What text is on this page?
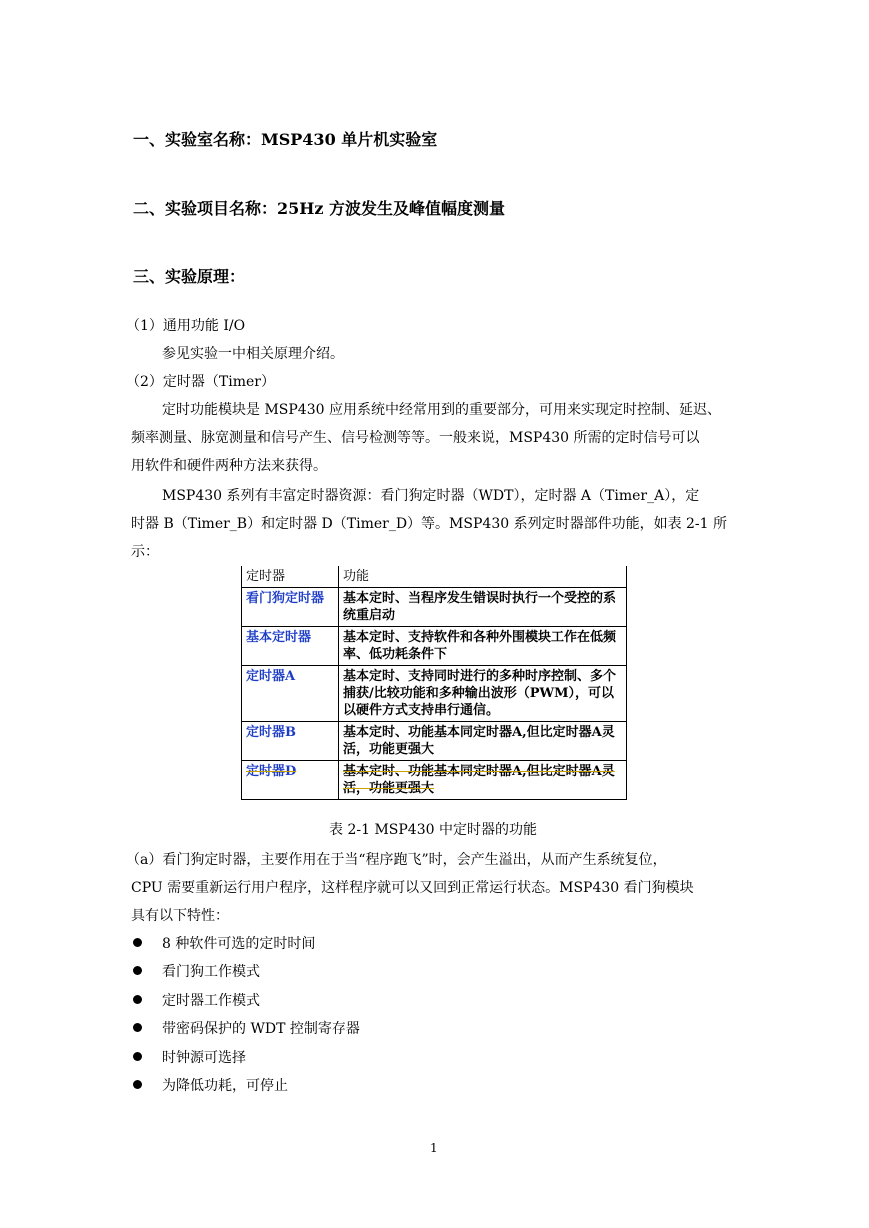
一、实验室名称：MSP430 单片机实验室
二、实验项目名称：25Hz 方波发生及峰值幅度测量
三、实验原理：
（1）通用功能 I/O
参见实验一中相关原理介绍。
（2）定时器（Timer）
定时功能模块是 MSP430 应用系统中经常用到的重要部分，可用来实现定时控制、延迟、
频率测量、脉宽测量和信号产生、信号检测等等。一般来说，MSP430 所需的定时信号可以
用软件和硬件两种方法来获得。
MSP430 系列有丰富定时器资源：看门狗定时器（WDT），定时器 A（Timer_A），定
时器 B（Timer_B）和定时器 D（Timer_D）等。MSP430 系列定时器部件功能，如表 2-1 所
示：
定时器	功能
看门狗定时器	基本定时、当程序发生错误时执行一个受控的系统重启动
基本定时器	基本定时、支持软件和各种外围模块工作在低频率、低功耗条件下
定时器A	基本定时、支持同时进行的多种时序控制、多个捕获/比较功能和多种输出波形（PWM），可以以硬件方式支持串行通信。
定时器B	基本定时、功能基本同定时器A,但比定时器A灵活，功能更强大
定时器D	基本定时、功能基本同定时器A,但比定时器A灵活，功能更强大
表 2-1 MSP430 中定时器的功能
（a）看门狗定时器，主要作用在于当“程序跑飞”时，会产生溢出，从而产生系统复位，
CPU 需要重新运行用户程序，这样程序就可以又回到正常运行状态。MSP430 看门狗模块
具有以下特性：
8 种软件可选的定时时间
看门狗工作模式
定时器工作模式
带密码保护的 WDT 控制寄存器
时钟源可选择
为降低功耗，可停止
1
